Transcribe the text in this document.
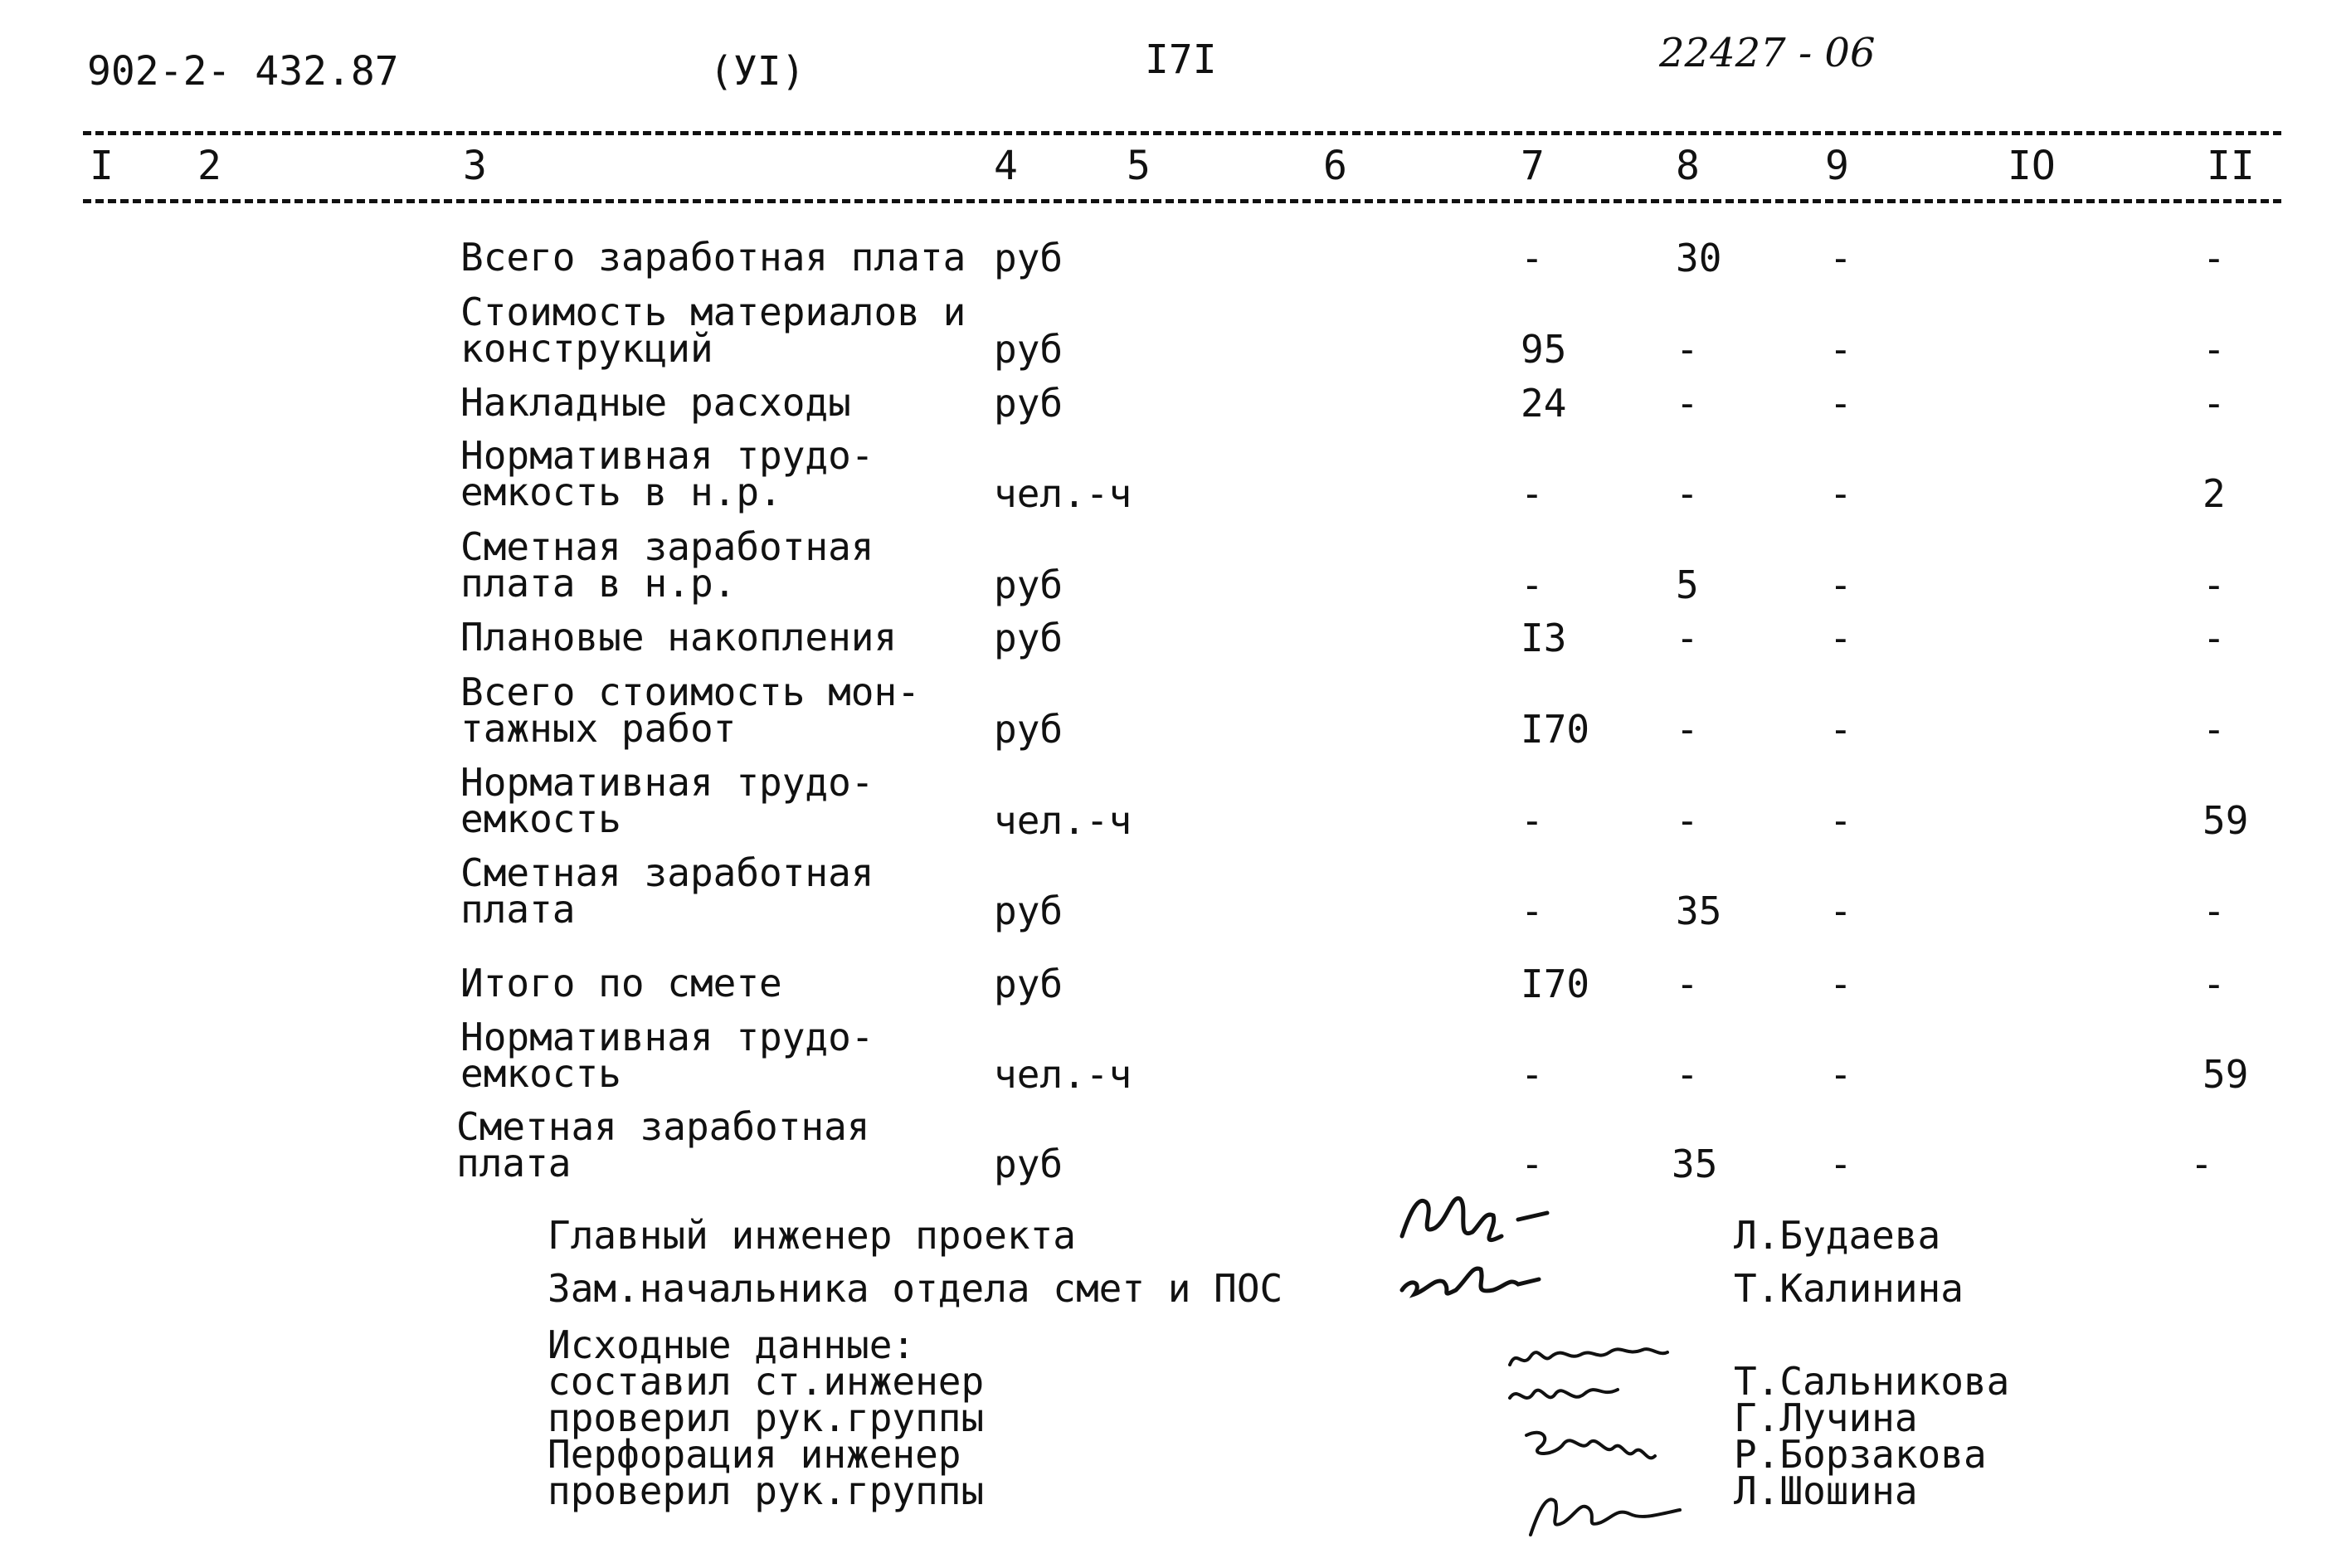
902-2- 432.87	(УI)	I7I	22427 - 06
I 2	3	4	5	6	7	8	9	IO	II
Всего заработная плата руб	-	30	-	-
Стоимость материалов и
конструкций	руб	95	-	-	-
Накладные расходы	руб	24	-	-	-
Нормативная трудо-
емкость в н.р.	чел.-ч	-	-	-	2
Сметная заработная
плата в н.р.	руб	-	5	-	-
Плановые накопления	руб	I3	-	-	-
Всего стоимость мон-
тажных работ	руб	I70 -	-	-
Нормативная трудо-
емкость	чел.-ч	-	-	-	59
Сметная заработная
плата	руб	-	35	-	-
Итого по смете	руб	I70 -	-	-
Нормативная трудо-
емкость	чел.-ч	-	-	-	59
Сметная заработная
плата	руб	-	35	-	-
Главный инженер проекта	Л.Будаева
Зам.начальника отдела смет и ПОС	Т.Калинина
Исходные данные:
составил ст.инженер
проверил рук.группы
Перфорация инженер
проверил рук.группы
Т.Сальникова
Г.Лучина
Р.Борзакова
Л.Шошина
